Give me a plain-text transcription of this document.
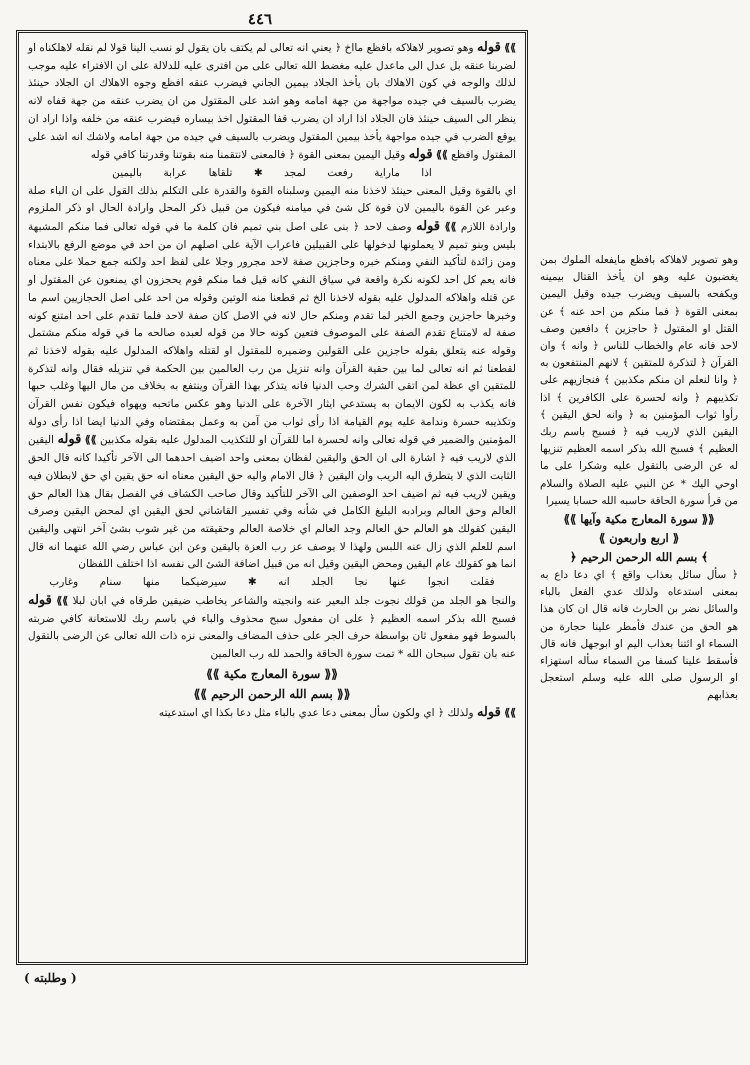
٤٤٦

⟫⟫ قوله وهو تصوير لاهلاكه بافظع مااخ ﴿ يعني انه تعالى لم يكتف بان يقول لو نسب الينا قولا لم نقله لاهلكناه او لضربنا عنقه بل عدل الى ماعدل عليه مغضط الله تعالى على من افترى عليه للدلالة على ان الافتراء عليه موجب لذلك والوجه في كون الاهلاك بان يأخذ الجلاد بيمين الجاني فيضرب عنقه افظع وجوه الاهلاك ان الجلاد حينئذ يضرب بالسيف في جيده مواجهة من جهة امامه وهو اشد على المقتول من ان يضرب عنقه من جهة قفاه لانه ينظر الى السيف حينئذ فان الجلاد اذا اراد ان يضرب قفا المقتول اخذ بيساره فيضرب عنقه من خلفه واذا اراد ان يوقع الضرب في جيده مواجهة يأخذ بيمين المقتول ويضرب بالسيف في جيده من جهة امامه ولاشك انه اشد على المقتول وافظع ⟫⟫ قوله وقيل اليمين بمعنى القوة ﴿ فالمعنى لانتقمنا منه بقوتنا وقدرتنا كافي قوله

اذا ماراية رفعت لمجد ✱ تلقاها عرابة باليمين

اي بالقوة وقيل المعنى حينئذ لاخذنا منه اليمين وسلبناه القوة والقدرة على التكلم بذلك القول على ان الباء صلة وعبر عن القوة باليمين لان قوة كل شئ في ميامنه فيكون من قبيل ذكر المحل وارادة الحال او ذكر الملزوم وارادة اللازم ⟫⟫ قوله وصف لاحد ﴿ بنى على اصل بني تميم فان كلمة ما في قوله تعالى فما منكم المشبهة بليس وبنو تميم لا يعملونها لدخولها على القبيلين فاعراب الآية على اصلهم ان من احد في موضع الرفع بالابتداء ومن زائدة لتأكيد النفي ومنكم خبره وحاجزين صفة لاحد مجرور وجلا على لفظ احد ولكنه جمع حملا على معناه فانه يعم كل احد لكونه نكرة واقعة في سياق النفي كانه قيل فما منكم قوم يحجزون اي يمنعون عن المقتول او عن قتله واهلاكه المدلول عليه بقوله لاخذنا الخ ثم قطعنا منه الوتين وقوله من احد على اصل الحجازيين اسم ما وخبرها حاجزين وجمع الخبر لما تقدم ومنكم حال لانه في الاصل كان صفة لاحد فلما تقدم على احد امتنع كونه صفة له لامتناع تقدم الصفة على الموصوف فتعين كونه حالا من قوله لعبده صالحه ما في قوله منكم مشتمل وقوله عنه يتعلق بقوله حاجزين على القولين وضميره للمقتول او لقتله واهلاكه المدلول عليه بقوله لاخذنا ثم لقطعنا ثم انه تعالى لما بين حقية القرآن وانه تنزيل من رب العالمين بين الحكمة في تنزيله فقال وانه لتذكرة للمتقين اي عظة لمن اتقى الشرك وحب الدنيا فانه يتذكر بهذا القرآن وينتفع به بخلاف من مال اليها وغلب حبها فانه يكذب به لكون الايمان به يستدعي ايثار الآخرة على الدنيا وهو عكس ماتحبه ويهواه فيكون نفس القرآن وتكذيبه حسرة وندامة عليه يوم القيامة اذا رأى ثواب من آمن به وعمل بمقتضاه وفي الدنيا ايضا اذا رأى دولة المؤمنين والضمير في قوله تعالى وانه لحسرة اما للقرآن او للتكذيب المدلول عليه بقوله مكذبين ⟫⟫ قوله اليقين الذي لاريب فيه ﴿ اشارة الى ان الحق واليقين لفظان بمعنى واحد اضيف احدهما الى الآخر تأكيدا كانه قال الحق الثابت الذي لا يتطرق اليه الريب وان اليقين ﴿ قال الامام واليه حق اليقين معناه انه حق يقين اي حق لابطلان فيه ويقين لاريب فيه ثم اضيف احد الوصفين الى الآخر للتأكيد وقال صاحب الكشاف في الفصل بقال هذا العالم حق العالم وحق العالم وبرادبه البليغ الكامل في شأنه وفي تفسير القاشاني لحق اليقين اي لمحض اليقين وصرف اليقين كقولك هو العالم حق العالم وجد العالم اي خلاصة العالم وحقيقته من غير شوب بشئ آخر انتهى واليقين اسم للعلم الذي زال عنه اللبس ولهذا لا يوصف عز رب العزة باليقين وعن ابن عباس رضي الله عنهما انه قال انما هو كقولك عام اليقين ومحض اليقين وقيل انه من قبيل اضافة الشئ الى نفسه اذا اختلف اللفظان

فقلت انجوا عنها نجا الجلد انه ✱ سيرضيكما منها سنام وغارب

والنجا هو الجلد من قولك نجوت جلد البعير عنه وانجيته والشاعر يخاطب ضيفين طرقاه في ابان لبلا ⟫⟫ قوله فسبح الله بذكر اسمه العظيم ﴿ على ان مفعول سبح محذوف والباء في باسم ربك للاستعانة كافي ضربته بالسوط فهو مفعول ثان بواسطة حرف الجر على حذف المضاف والمعنى نزه ذات الله تعالى عن الرضى بالتقول عنه بان تقول سبحان الله * تمت سورة الحاقة والحمد لله رب العالمين

⟪⟪ سورة المعارج مكية ⟫⟫

⟪⟪ بسم الله الرحمن الرحيم ⟫⟫

⟫⟫ قوله ولذلك ﴿ اي ولكون سأل بمعنى دعا عدي بالباء مثل دعا بكذا اي استدعيته

وهو تصوير لاهلاكه بافظع مايفعله الملوك بمن يغضبون عليه وهو ان يأخذ القتال بيمينه ويكفحه بالسيف ويضرب جيده وقيل اليمين بمعنى القوة ﴿ فما منكم من احد عنه ﴾ عن القتل او المقتول ﴿ حاجزين ﴾ دافعين وصف لاحد فانه عام والخطاب للناس ﴿ وانه ﴾ وان القرآن ﴿ لتذكرة للمتقين ﴾ لانهم المنتفعون به ﴿ وانا لنعلم ان منكم مكذبين ﴾ فنجازيهم على تكذيبهم ﴿ وانه لحسرة على الكافرين ﴾ اذا رأوا ثواب المؤمنين به ﴿ وانه لحق اليقين ﴾ اليقين الذي لاريب فيه ﴿ فسبح باسم ربك العظيم ﴾ فسبح الله بذكر اسمه العظيم تنزيها له عن الرضى بالتقول عليه وشكرا على ما اوحي اليك * عن النبي عليه الصلاة والسلام من قرأ سورة الحاقة حاسبه الله حسابا يسيرا

⟪⟪ سورة المعارج مكية وآيها ⟫⟫

⟪ اربع واربعون ⟫

﴾ بسم الله الرحمن الرحيم ﴿

﴿ سأل سائل بعذاب واقع ﴾ اي دعا داع به بمعنى استدعاه ولذلك عدي الفعل بالباء والسائل نضر بن الحارث فانه قال ان كان هذا هو الحق من عندك فأمطر علينا حجارة من السماء او ائتنا بعذاب اليم او ابوجهل فانه قال فأسقط علينا كسفا من السماء سأله استهزاء او الرسول صلى الله عليه وسلم استعجل بعذابهم

( وطلبته )
